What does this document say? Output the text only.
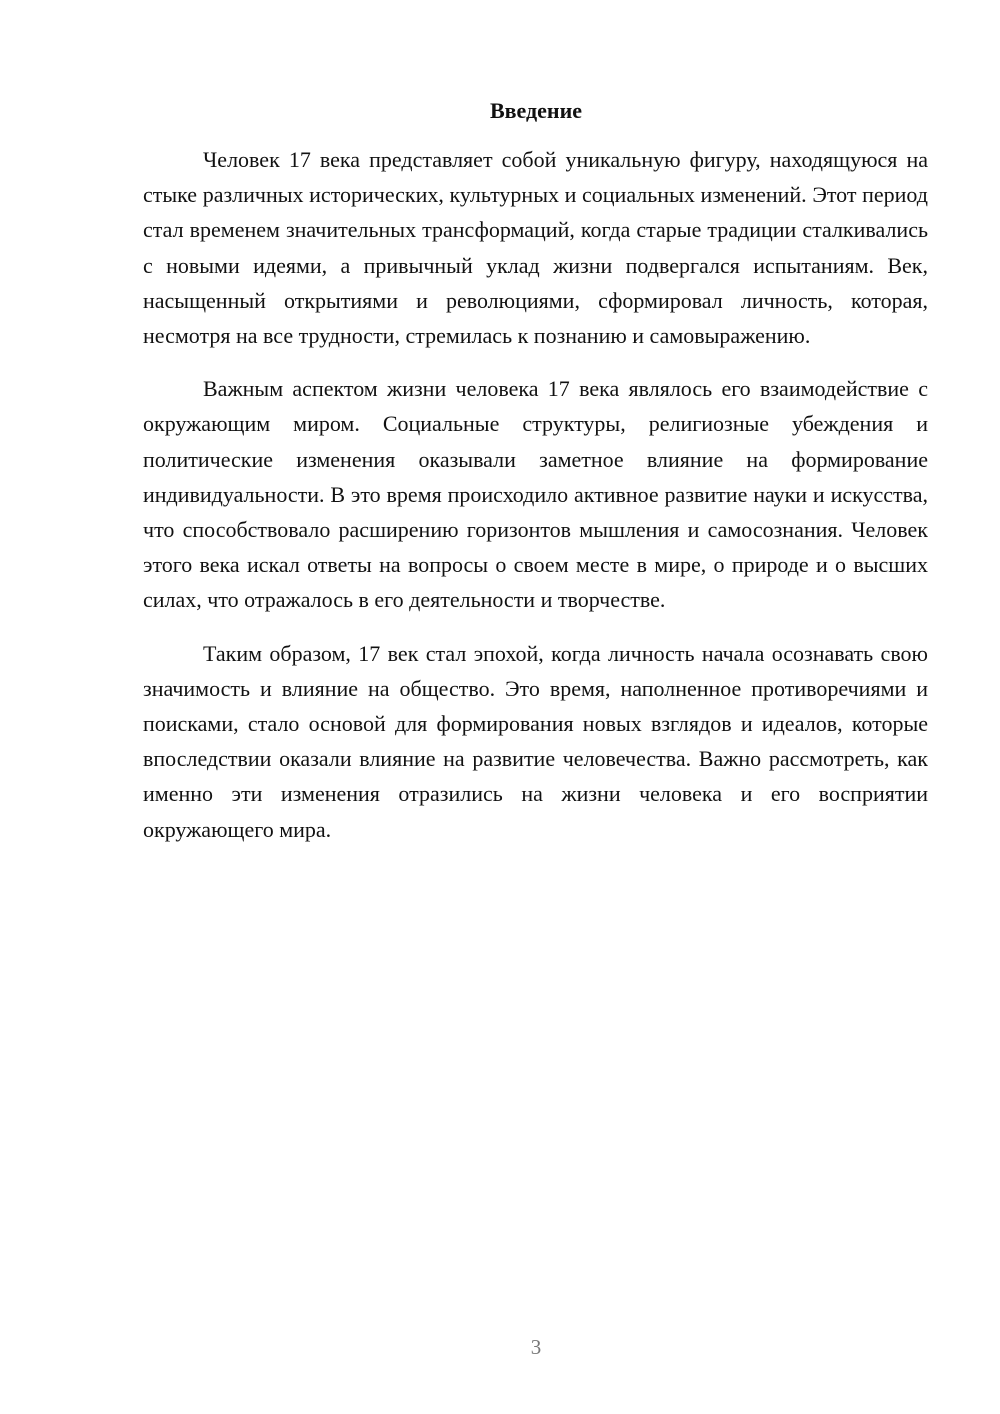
Введение

Человек 17 века представляет собой уникальную фигуру, находящуюся на стыке различных исторических, культурных и социальных изменений. Этот период стал временем значительных трансформаций, когда старые традиции сталкивались с новыми идеями, а привычный уклад жизни подвергался испытаниям. Век, насыщенный открытиями и революциями, сформировал личность, которая, несмотря на все трудности, стремилась к познанию и самовыражению.

Важным аспектом жизни человека 17 века являлось его взаимодействие с окружающим миром. Социальные структуры, религиозные убеждения и политические изменения оказывали заметное влияние на формирование индивидуальности. В это время происходило активное развитие науки и искусства, что способствовало расширению горизонтов мышления и самосознания. Человек этого века искал ответы на вопросы о своем месте в мире, о природе и о высших силах, что отражалось в его деятельности и творчестве.

Таким образом, 17 век стал эпохой, когда личность начала осознавать свою значимость и влияние на общество. Это время, наполненное противоречиями и поисками, стало основой для формирования новых взглядов и идеалов, которые впоследствии оказали влияние на развитие человечества. Важно рассмотреть, как именно эти изменения отразились на жизни человека и его восприятии окружающего мира.

3
